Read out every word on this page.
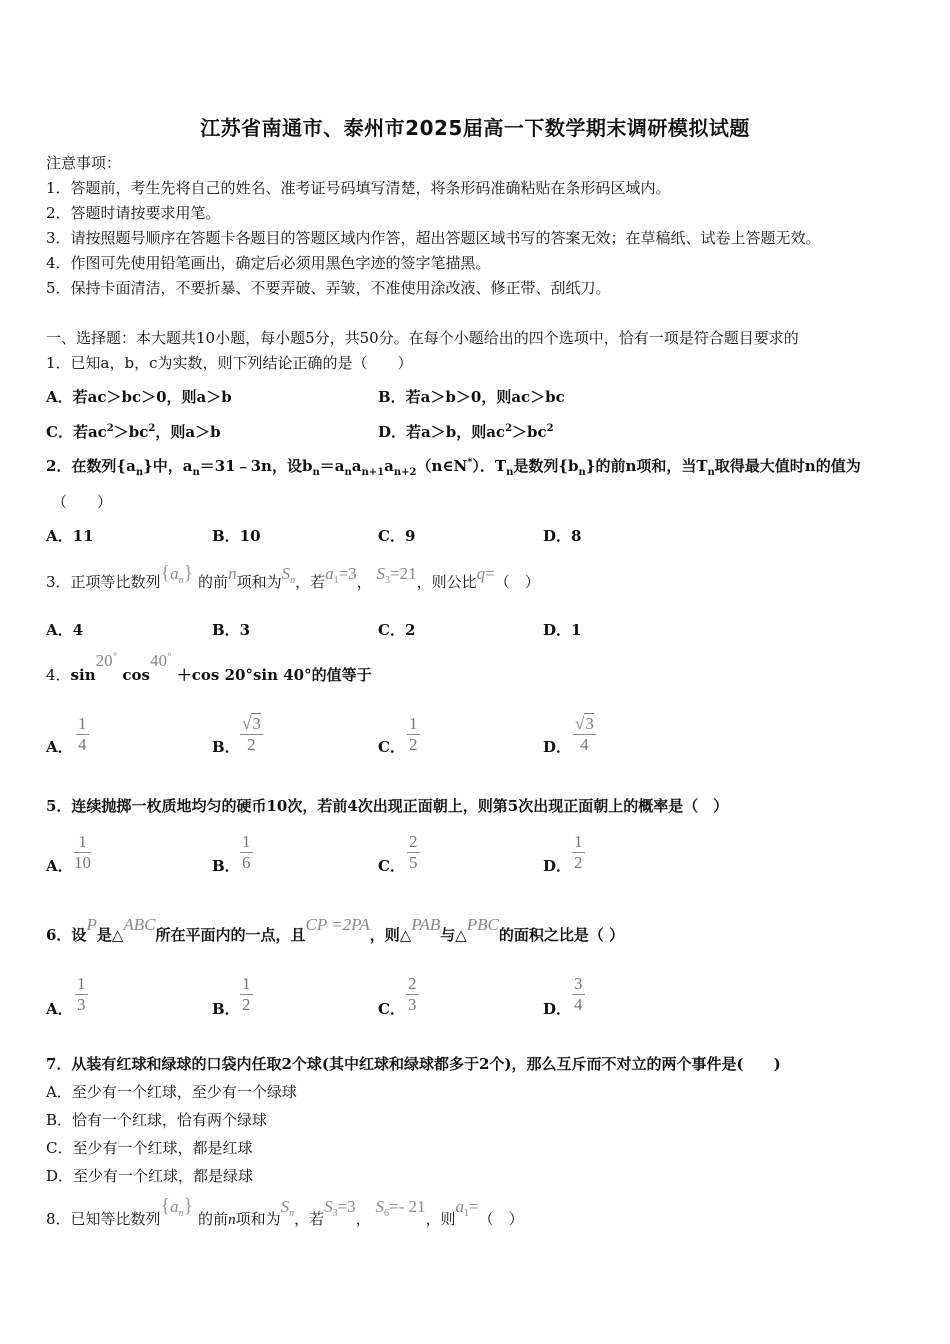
江苏省南通市、泰州市2025届高一下数学期末调研模拟试题
注意事项：
1．答题前，考生先将自己的姓名、准考证号码填写清楚，将条形码准确粘贴在条形码区域内。
2．答题时请按要求用笔。
3．请按照题号顺序在答题卡各题目的答题区域内作答，超出答题区域书写的答案无效；在草稿纸、试卷上答题无效。
4．作图可先使用铅笔画出，确定后必须用黑色字迹的签字笔描黑。
5．保持卡面清洁，不要折暴、不要弄破、弄皱，不准使用涂改液、修正带、刮纸刀。
一、选择题：本大题共10小题，每小题5分，共50分。在每个小题给出的四个选项中，恰有一项是符合题目要求的
1．已知a，b，c为实数，则下列结论正确的是（　　）
A．若ac＞bc＞0，则a＞b	B．若a＞b＞0，则ac＞bc
C．若$ac^2>bc^2$，则a＞b	D．若a＞b，则$ac^2>bc^2$
2．在数列$\{a_n\}$中，$a_n=31﹣3n$，设$b_n=a_na_{n+1}a_{n+2}(n\in N^*)$．$T_n$是数列$\{b_n\}$的前n项和，当$T_n$取得最大值时n的值为
（　　）
A．11	B．10	C．9	D．8
3．正项等比数列$\{a_n\}$ 的前n项和为$S_n$，若$a_1=3$， $S_3=21$，则公比q=（　）
A．4	B．3	C．2	D．1
4．sin20° cos40° ＋cos 20°sin 40°的值等于
A．
1
4	B．
√3
2	C．
1
2	D．
√3
4
5．连续抛掷一枚质地均匀的硬币10次，若前4次出现正面朝上，则第5次出现正面朝上的概率是（　）
A．
1
10	B．
1
6	C．
2
5	D．
1
2
6．设P是△ABC所在平面内的一点，且CP =2PA，则△PAB与△PBC的面积之比是（ ）
A．
1
3	B．
1
2	C．
2
3	D．
3
4
7．从装有红球和绿球的口袋内任取2个球(其中红球和绿球都多于2个)，那么互斥而不对立的两个事件是(　　)
A．至少有一个红球，至少有一个绿球
B．恰有一个红球，恰有两个绿球
C．至少有一个红球，都是红球
D．至少有一个红球，都是绿球
8．已知等比数列$\{a_n\}$ 的前n项和为$S_n$，若$S_3=3$， $S_6=-$ 21，则$a_1=$（　）
